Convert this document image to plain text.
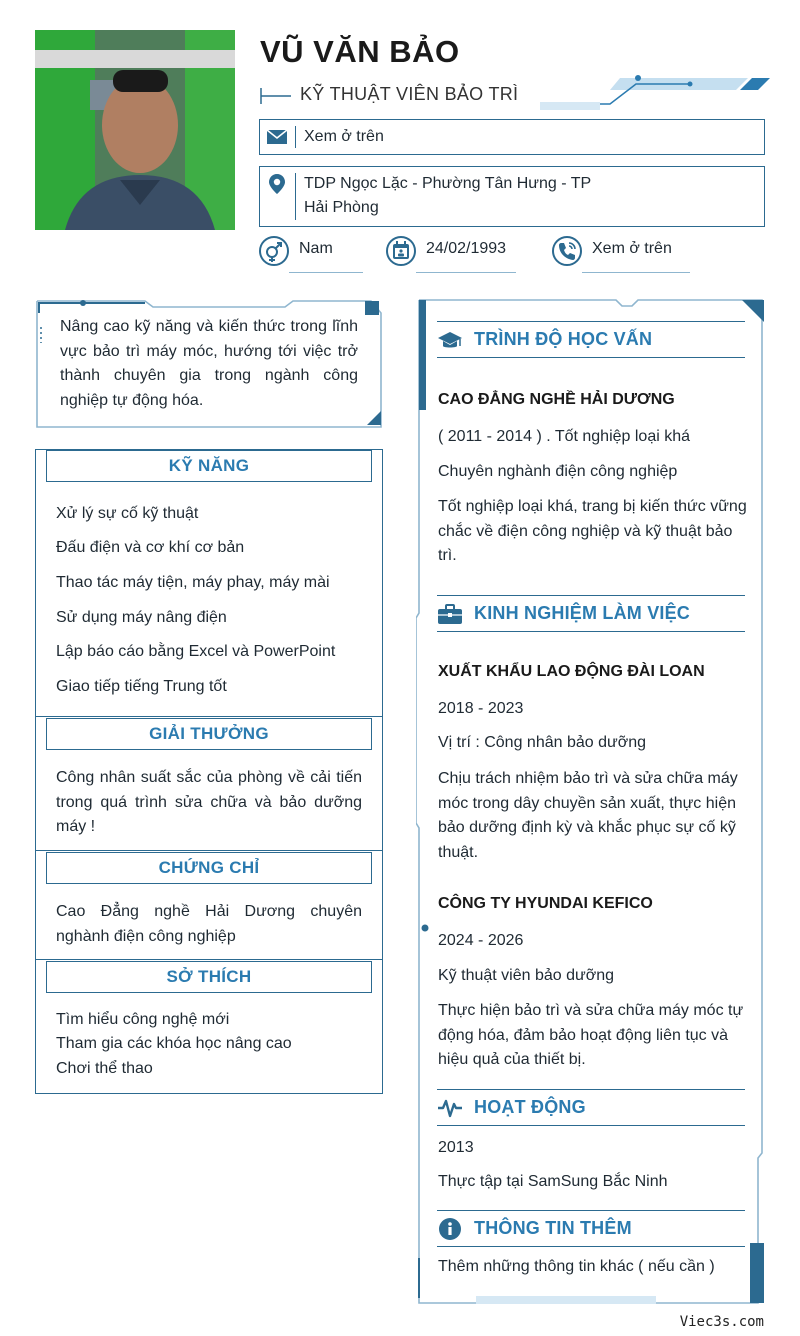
VŨ VĂN BẢO
KỸ THUẬT VIÊN BẢO TRÌ
Xem ở trên
TDP Ngọc Lặc - Phường Tân Hưng - TP
Hải Phòng
Nam	24/02/1993	Xem ở trên
Nâng cao kỹ năng và kiến thức trong lĩnh vực bảo trì máy móc, hướng tới việc trở thành chuyên gia trong ngành công nghiệp tự động hóa.
KỸ NĂNG
Xử lý sự cố kỹ thuật
Đấu điện và cơ khí cơ bản
Thao tác máy tiện, máy phay, máy mài
Sử dụng máy nâng điện
Lập báo cáo bằng Excel và PowerPoint
Giao tiếp tiếng Trung tốt
GIẢI THƯỞNG
Công nhân suất sắc của phòng về cải tiến trong quá trình sửa chữa và bảo dưỡng máy !
CHỨNG CHỈ
Cao Đẳng nghề Hải Dương chuyên nghành điện công nghiệp
SỞ THÍCH
Tìm hiểu công nghệ mới
Tham gia các khóa học nâng cao
Chơi thể thao
TRÌNH ĐỘ HỌC VẤN
CAO ĐẲNG NGHỀ HẢI DƯƠNG
( 2011 - 2014 ) . Tốt nghiệp loại khá
Chuyên nghành điện công nghiệp
Tốt nghiệp loại khá, trang bị kiến thức vững chắc về điện công nghiệp và kỹ thuật bảo trì.
KINH NGHIỆM LÀM VIỆC
XUẤT KHẨU LAO ĐỘNG ĐÀI LOAN
2018 - 2023
Vị trí : Công nhân bảo dưỡng
Chịu trách nhiệm bảo trì và sửa chữa máy móc trong dây chuyền sản xuất, thực hiện bảo dưỡng định kỳ và khắc phục sự cố kỹ thuật.
CÔNG TY HYUNDAI KEFICO
2024 - 2026
Kỹ thuật viên bảo dưỡng
Thực hiện bảo trì và sửa chữa máy móc tự động hóa, đảm bảo hoạt động liên tục và hiệu quả của thiết bị.
HOẠT ĐỘNG
2013
Thực tập tại SamSung Bắc Ninh
THÔNG TIN THÊM
Thêm những thông tin khác ( nếu cần )
Viec3s.com
